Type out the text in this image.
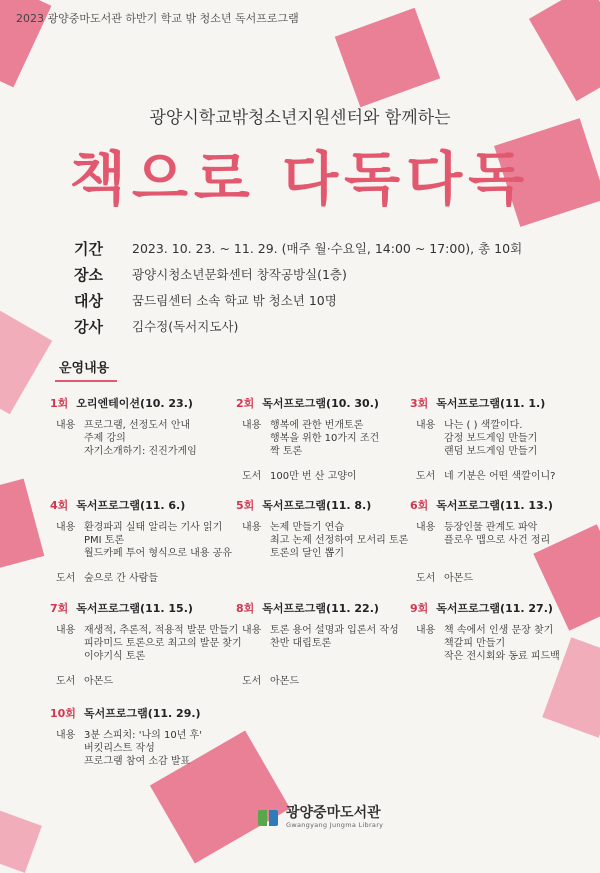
2023 광양중마도서관 하반기 학교 밖 청소년 독서프로그램
광양시학교밖청소년지원센터와 함께하는
책으로 다독다독
기간	2023. 10. 23. ~ 11. 29. (매주 월·수요일, 14:00 ~ 17:00), 총 10회
장소	광양시청소년문화센터 창작공방실(1층)
대상	꿈드림센터 소속 학교 밖 청소년 10명
강사	김수정(독서지도사)
운영내용
1회 오리엔테이션(10. 23.)
내용 프로그램, 선정도서 안내
주제 강의
자기소개하기: 진진가게임
2회 독서프로그램(10. 30.)
내용 행복에 관한 번개토론
행복을 위한 10가지 조건
짝 토론
도서 100만 번 산 고양이
3회 독서프로그램(11. 1.)
내용 나는 ( ) 색깔이다.
감정 보드게임 만들기
랜덤 보드게임 만들기
도서 네 기분은 어떤 색깔이니?
4회 독서프로그램(11. 6.)
내용 환경파괴 실태 알리는 기사 읽기
PMI 토론
월드카페 투어 형식으로 내용 공유
도서 숲으로 간 사람들
5회 독서프로그램(11. 8.)
내용 논제 만들기 연습
최고 논제 선정하여 모서리 토론
토론의 달인 뽑기
6회 독서프로그램(11. 13.)
내용 등장인물 관계도 파악
플로우 맵으로 사건 정리
도서 아몬드
7회 독서프로그램(11. 15.)
내용 재생적, 추론적, 적용적 발문 만들기
피라미드 토론으로 최고의 발문 찾기
이야기식 토론
도서 아몬드
8회 독서프로그램(11. 22.)
내용 토론 용어 설명과 입론서 작성
찬반 대립토론
도서 아몬드
9회 독서프로그램(11. 27.)
내용 책 속에서 인생 문장 찾기
책갈피 만들기
작은 전시회와 동료 피드백
10회 독서프로그램(11. 29.)
내용 3분 스피치: '나의 10년 후'
버킷리스트 작성
프로그램 참여 소감 발표
광양중마도서관
Gwangyang Jungma Library
